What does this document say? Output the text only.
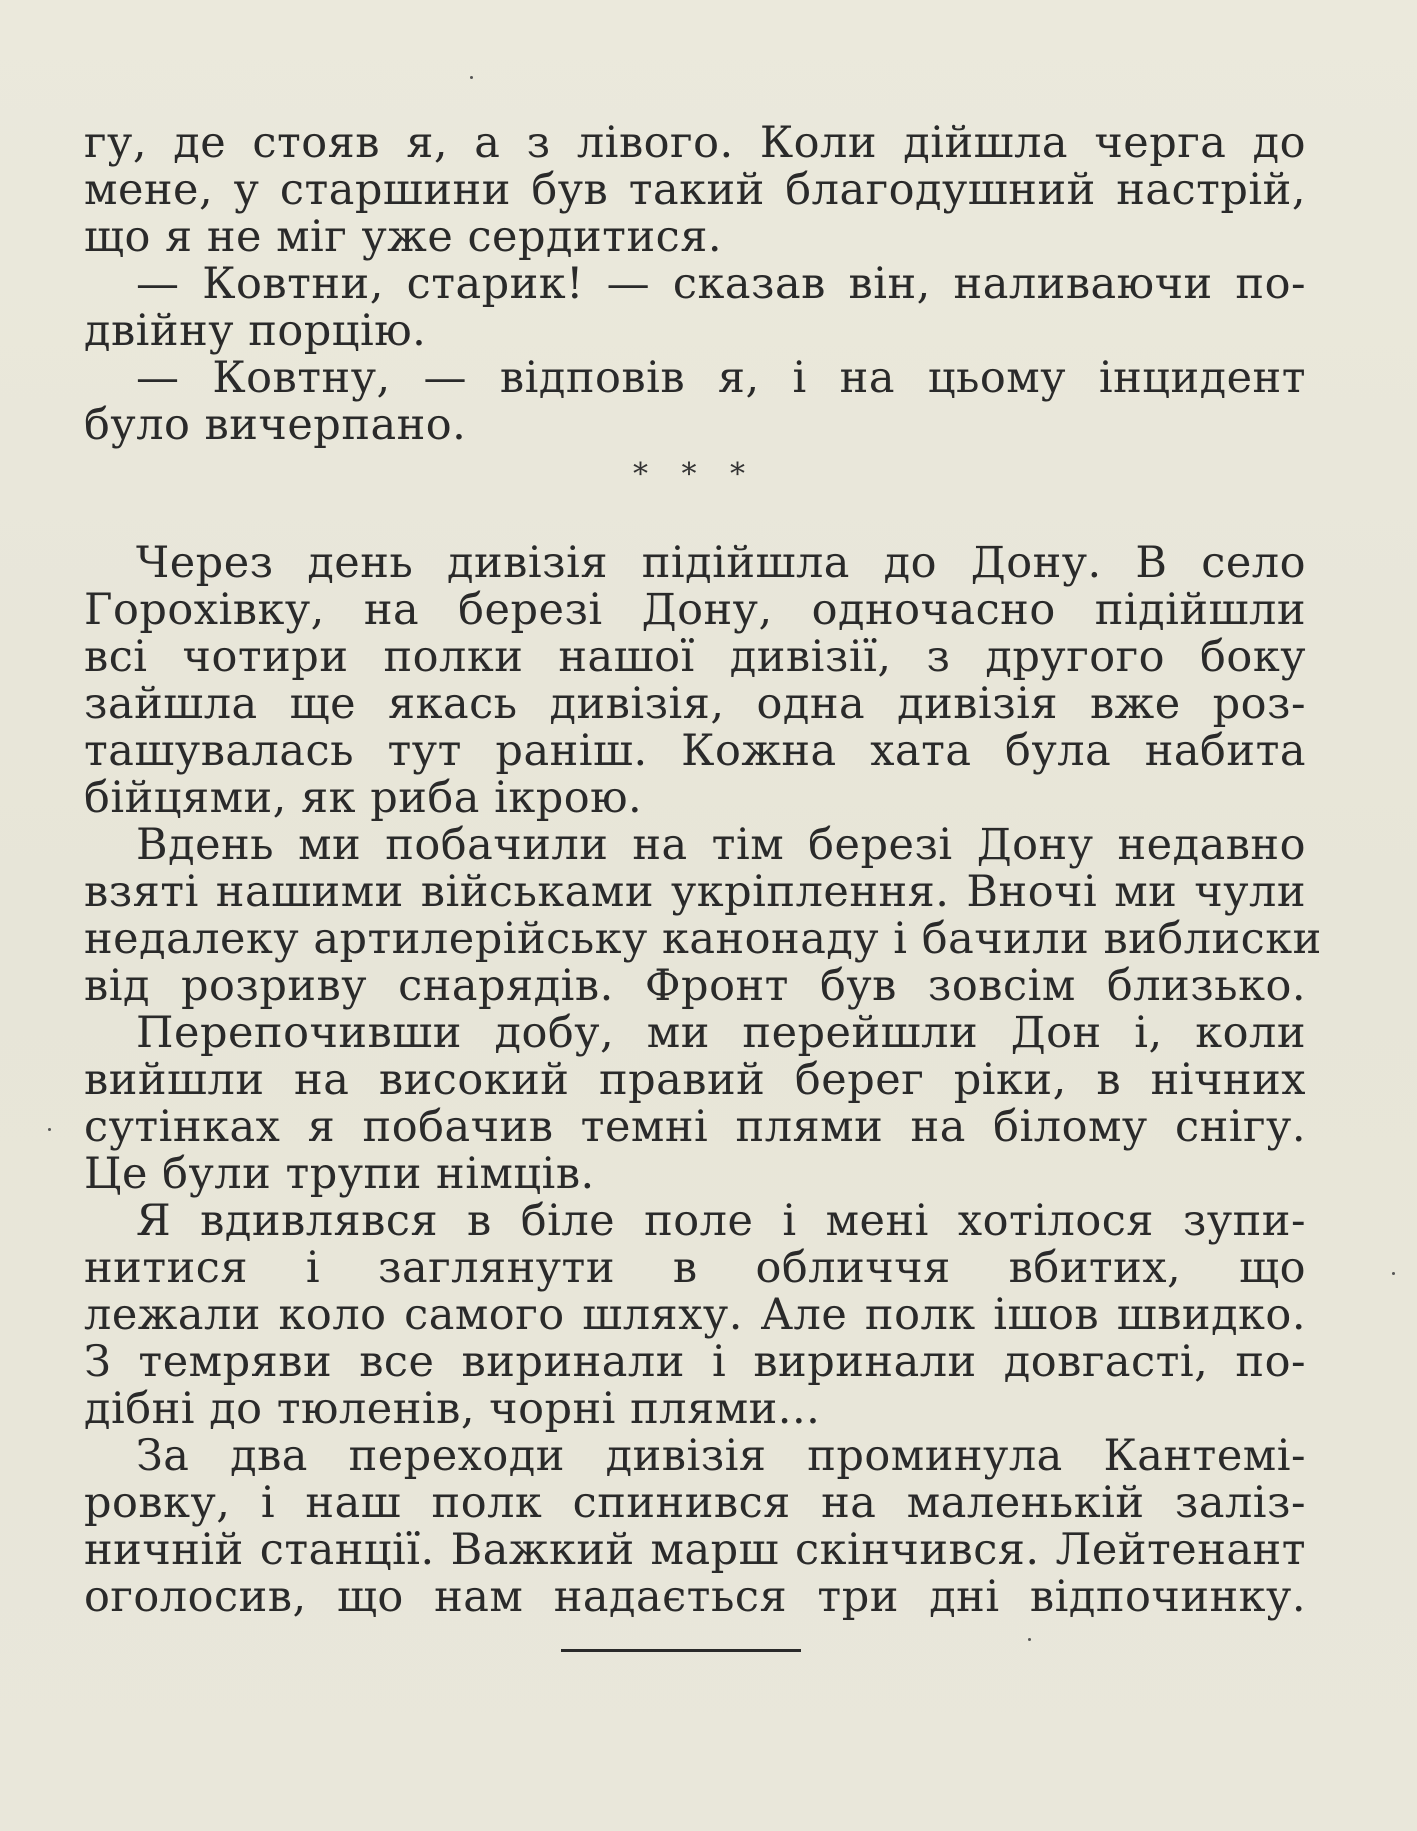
гу, де стояв я, а з лівого. Коли дійшла черга до
мене, у старшини був такий благодушний настрій,
що я не міг уже сердитися.
— Ковтни, старик! — сказав він, наливаючи по-
двійну порцію.
— Ковтну, — відповів я, і на цьому інцидент
було вичерпано.
* * *
Через день дивізія підійшла до Дону. В село
Горохівку, на березі Дону, одночасно підійшли
всі чотири полки нашої дивізії, з другого боку
зайшла ще якась дивізія, одна дивізія вже роз-
ташувалась тут раніш. Кожна хата була набита
бійцями, як риба ікрою.
Вдень ми побачили на тім березі Дону недавно
взяті нашими військами укріплення. Вночі ми чули
недалеку артилерійську канонаду і бачили виблиски
від розриву снарядів. Фронт був зовсім близько.
Перепочивши добу, ми перейшли Дон і, коли
вийшли на високий правий берег ріки, в нічних
сутінках я побачив темні плями на білому снігу.
Це були трупи німців.
Я вдивлявся в біле поле і мені хотілося зупи-
нитися і заглянути в обличчя вбитих, що
лежали коло самого шляху. Але полк ішов швидко.
З темряви все виринали і виринали довгасті, по-
дібні до тюленів, чорні плями...
За два переходи дивізія проминула Кантемі-
ровку, і наш полк спинився на маленькій заліз-
ничній станції. Важкий марш скінчився. Лейтенант
оголосив, що нам надається три дні відпочинку.
